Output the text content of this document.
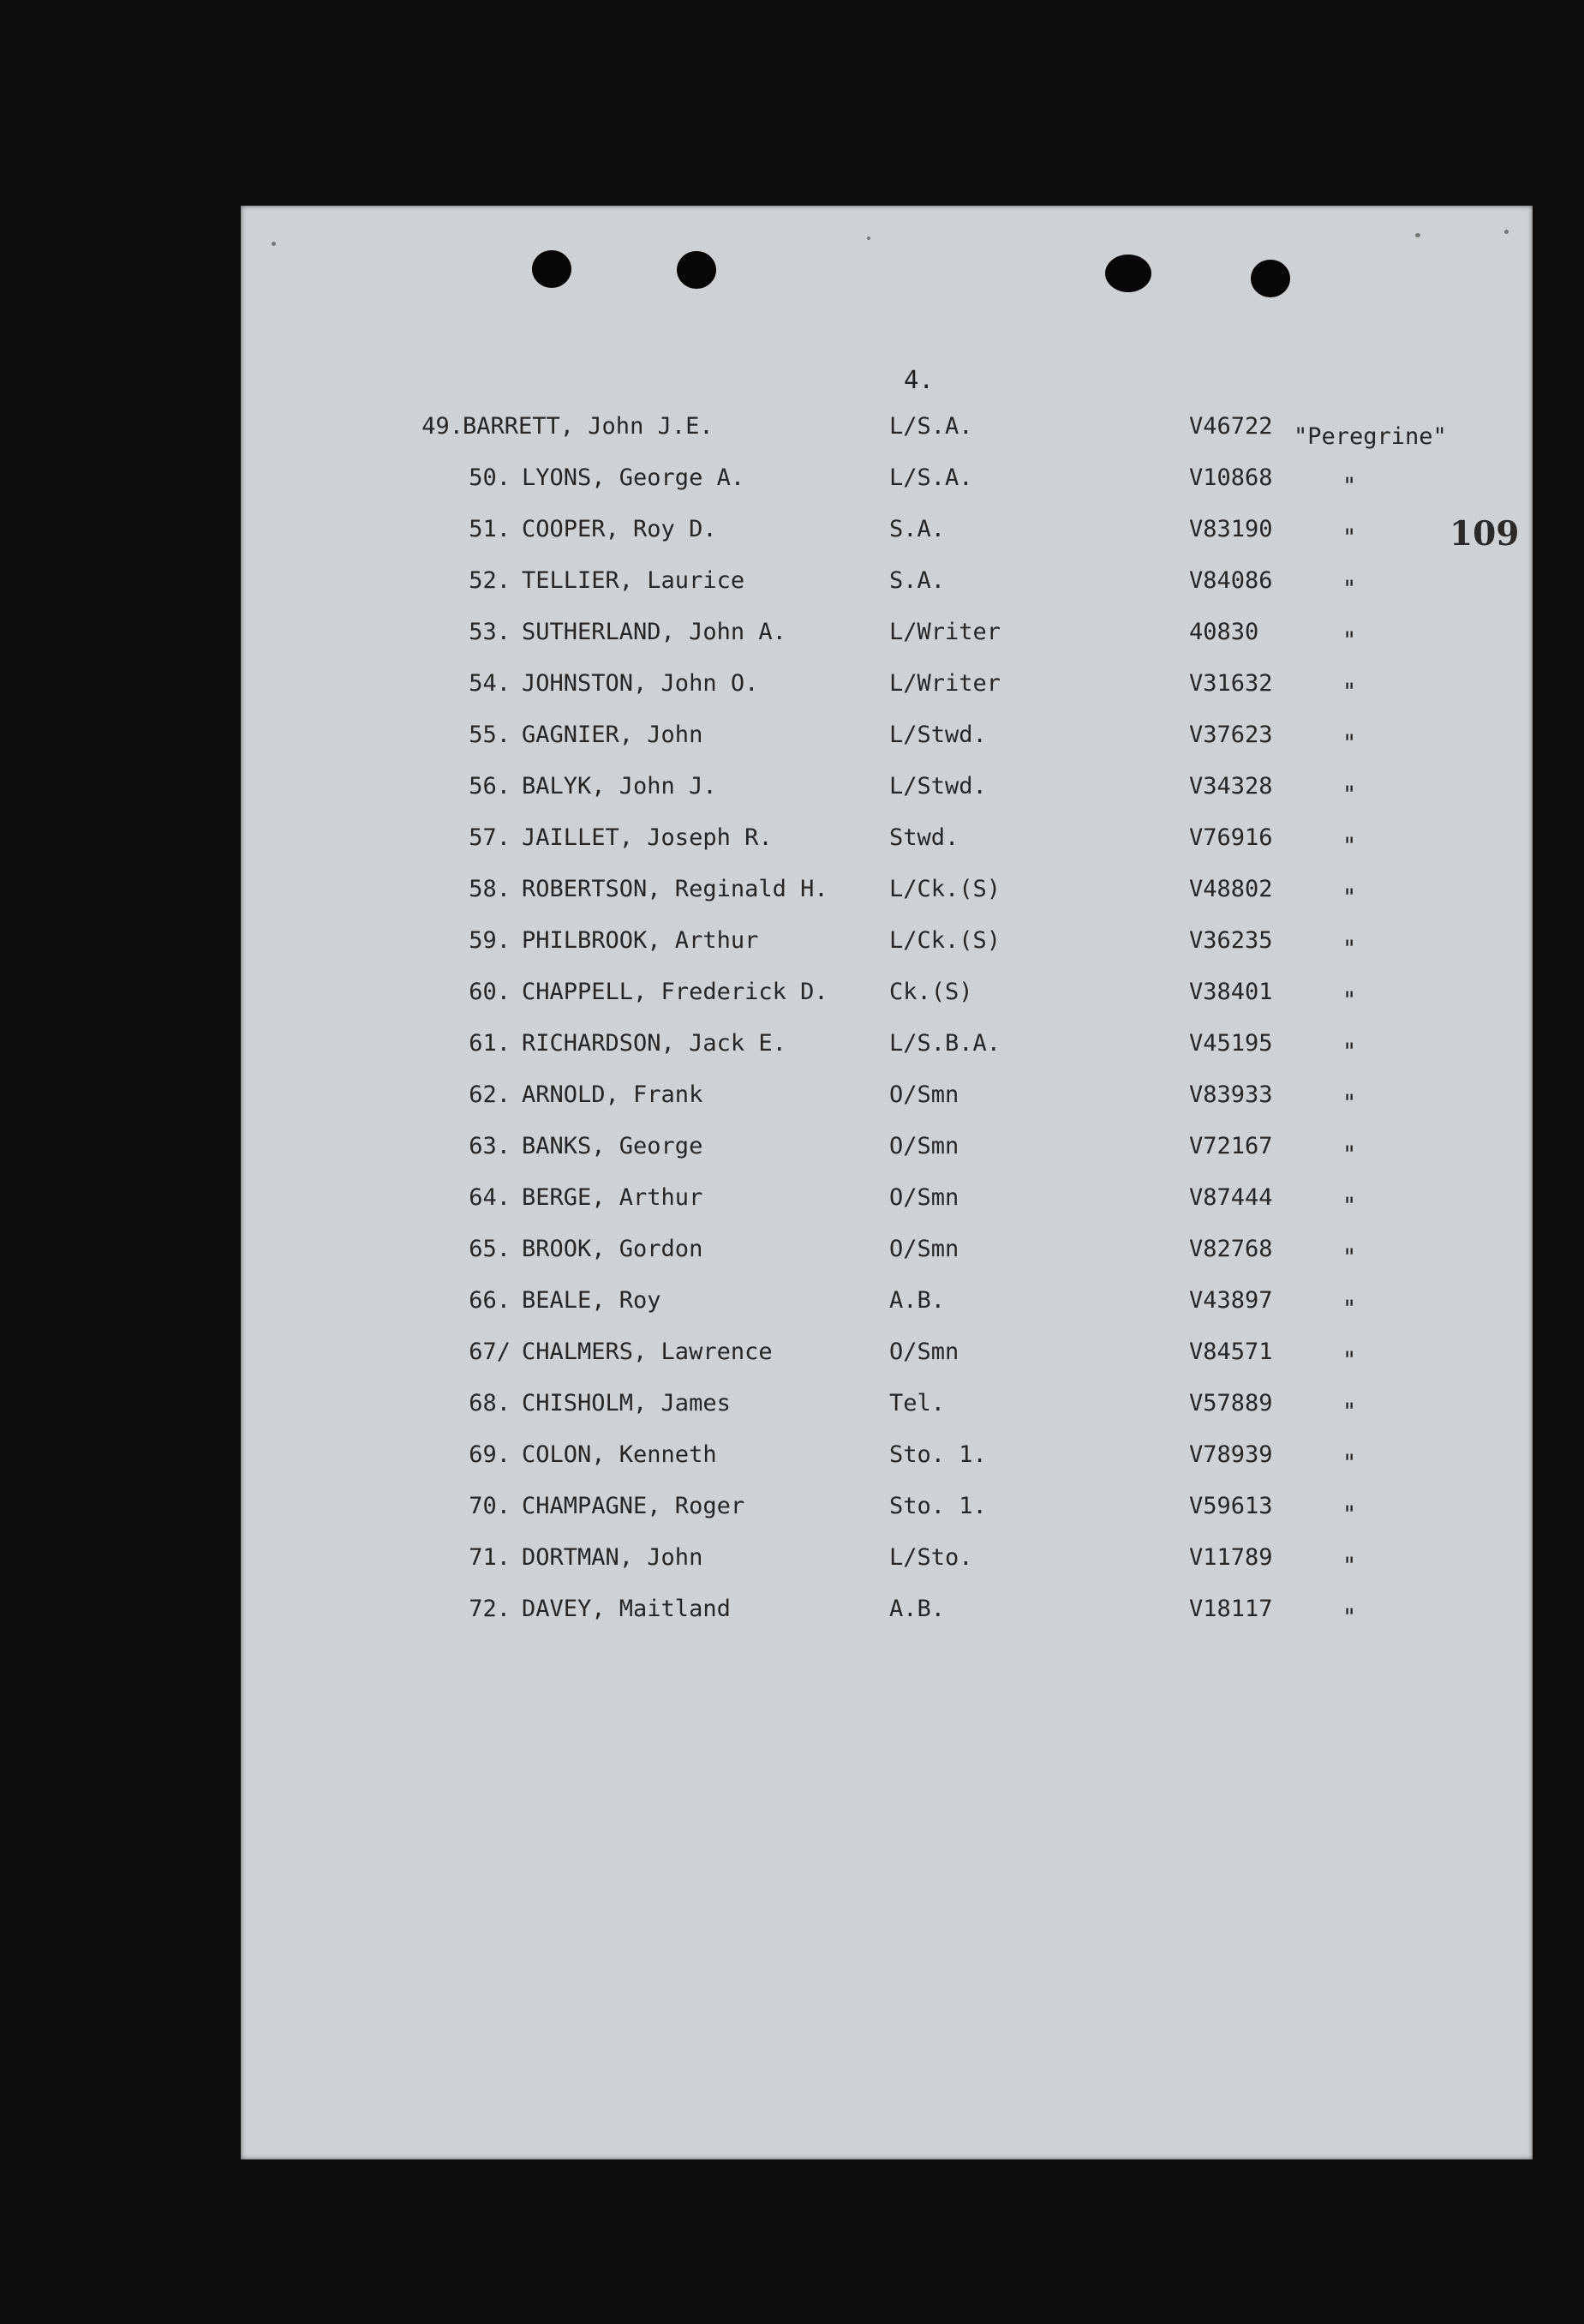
4.
109
49. BARRETT, John J.E.	L/S.A.	V46722 "Peregrine"
50. LYONS, George A.	L/S.A.	V10868	"
51. COOPER, Roy D.	S.A.	V83190	"
52. TELLIER, Laurice	S.A.	V84086	"
53. SUTHERLAND, John A.	L/Writer	40830	"
54. JOHNSTON, John O.	L/Writer	V31632	"
55. GAGNIER, John	L/Stwd.	V37623	"
56. BALYK, John J.	L/Stwd.	V34328	"
57. JAILLET, Joseph R.	Stwd.	V76916	"
58. ROBERTSON, Reginald H.	L/Ck.(S)	V48802	"
59. PHILBROOK, Arthur	L/Ck.(S)	V36235	"
60. CHAPPELL, Frederick D.	Ck.(S)	V38401	"
61. RICHARDSON, Jack E.	L/S.B.A.	V45195	"
62. ARNOLD, Frank	O/Smn	V83933	"
63. BANKS, George	O/Smn	V72167	"
64. BERGE, Arthur	O/Smn	V87444	"
65. BROOK, Gordon	O/Smn	V82768	"
66. BEALE, Roy	A.B.	V43897	"
67/ CHALMERS, Lawrence	O/Smn	V84571	"
68. CHISHOLM, James	Tel.	V57889	"
69. COLON, Kenneth	Sto. 1.	V78939	"
70. CHAMPAGNE, Roger	Sto. 1.	V59613	"
71. DORTMAN, John	L/Sto.	V11789	"
72. DAVEY, Maitland	A.B.	V18117	"
